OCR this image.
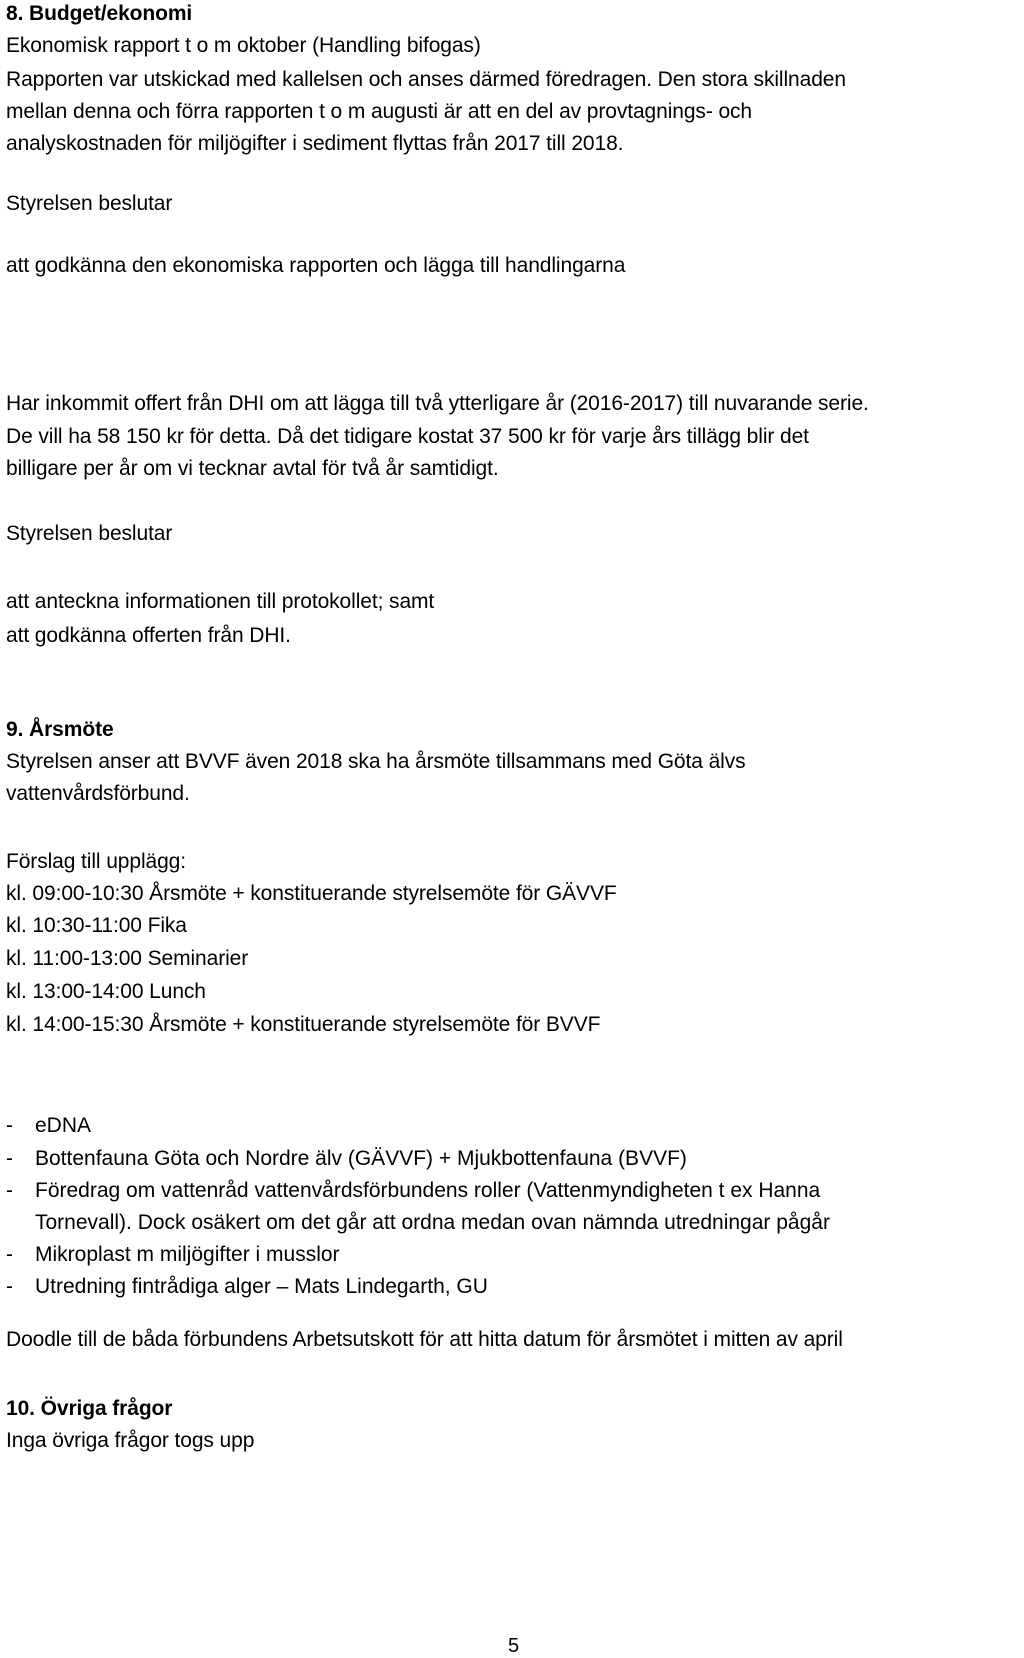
8. Budget/ekonomi
Ekonomisk rapport t o m oktober (Handling bifogas)
Rapporten var utskickad med kallelsen och anses därmed föredragen. Den stora skillnaden
mellan denna och förra rapporten t o m augusti är att en del av provtagnings- och
analyskostnaden för miljögifter i sediment flyttas från 2017 till 2018.
Styrelsen beslutar
att godkänna den ekonomiska rapporten och lägga till handlingarna
Har inkommit offert från DHI om att lägga till två ytterligare år (2016-2017) till nuvarande serie.
De vill ha 58 150 kr för detta. Då det tidigare kostat 37 500 kr för varje års tillägg blir det
billigare per år om vi tecknar avtal för två år samtidigt.
Styrelsen beslutar
att anteckna informationen till protokollet; samt
att godkänna offerten från DHI.
9. Årsmöte
Styrelsen anser att BVVF även 2018 ska ha årsmöte tillsammans med Göta älvs
vattenvårdsförbund.
Förslag till upplägg:
kl. 09:00-10:30 Årsmöte + konstituerande styrelsemöte för GÄVVF
kl. 10:30-11:00 Fika
kl. 11:00-13:00 Seminarier
kl. 13:00-14:00 Lunch
kl. 14:00-15:30 Årsmöte + konstituerande styrelsemöte för BVVF
- eDNA
- Bottenfauna Göta och Nordre älv (GÄVVF) + Mjukbottenfauna (BVVF)
- Föredrag om vattenråd vattenvårdsförbundens roller (Vattenmyndigheten t ex Hanna
Tornevall). Dock osäkert om det går att ordna medan ovan nämnda utredningar pågår
- Mikroplast m miljögifter i musslor
- Utredning fintrådiga alger – Mats Lindegarth, GU
Doodle till de båda förbundens Arbetsutskott för att hitta datum för årsmötet i mitten av april
10. Övriga frågor
Inga övriga frågor togs upp
5
